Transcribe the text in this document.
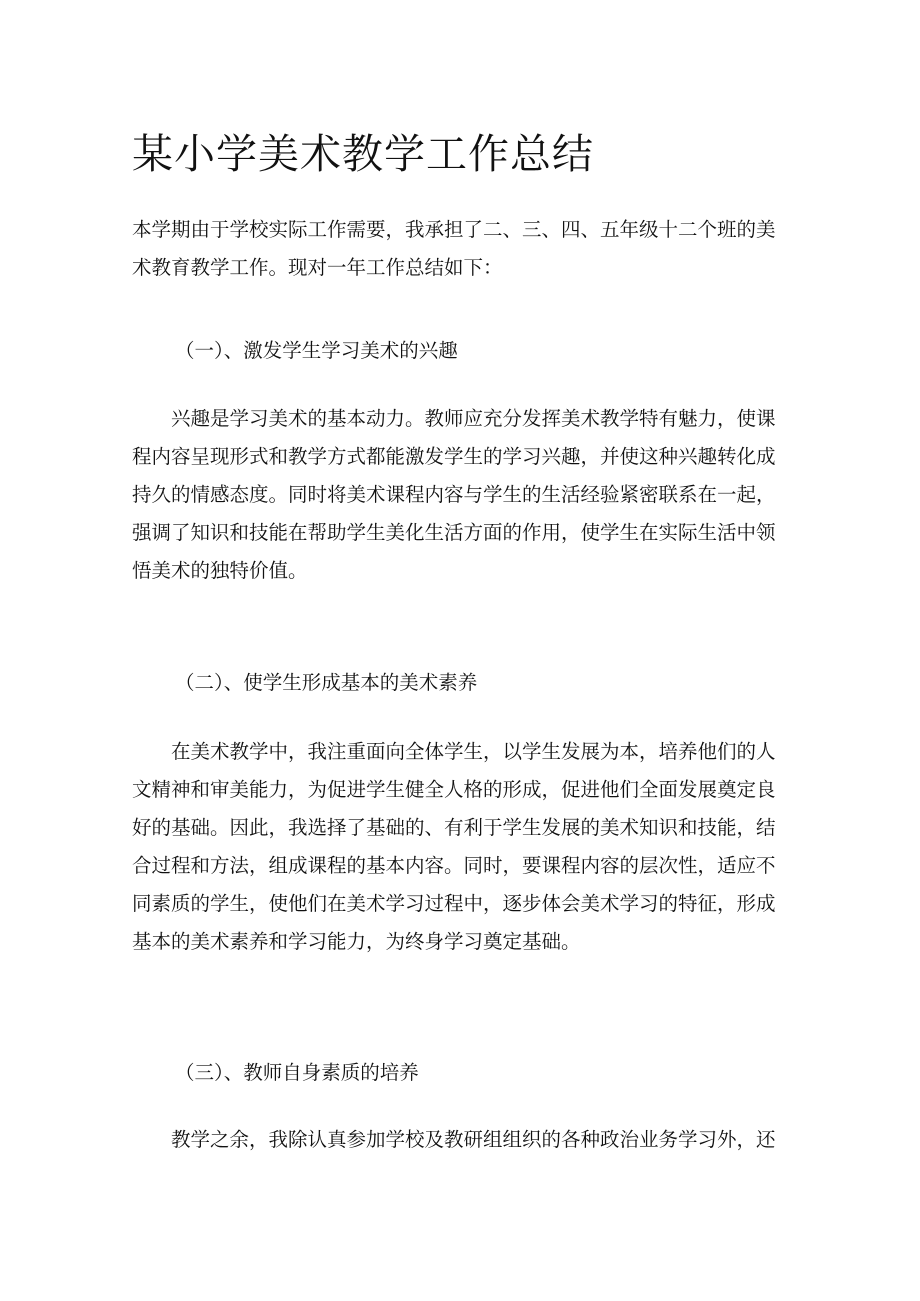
某小学美术教学工作总结

本学期由于学校实际工作需要，我承担了二、三、四、五年级十二个班的美
术教育教学工作。现对一年工作总结如下：

（一）、激发学生学习美术的兴趣

　　兴趣是学习美术的基本动力。教师应充分发挥美术教学特有魅力，使课
程内容呈现形式和教学方式都能激发学生的学习兴趣，并使这种兴趣转化成
持久的情感态度。同时将美术课程内容与学生的生活经验紧密联系在一起，
强调了知识和技能在帮助学生美化生活方面的作用，使学生在实际生活中领
悟美术的独特价值。

（二）、使学生形成基本的美术素养

　　在美术教学中，我注重面向全体学生，以学生发展为本，培养他们的人
文精神和审美能力，为促进学生健全人格的形成，促进他们全面发展奠定良
好的基础。因此，我选择了基础的、有利于学生发展的美术知识和技能，结
合过程和方法，组成课程的基本内容。同时，要课程内容的层次性，适应不
同素质的学生，使他们在美术学习过程中，逐步体会美术学习的特征，形成
基本的美术素养和学习能力，为终身学习奠定基础。

（三）、教师自身素质的培养

　　教学之余，我除认真参加学校及教研组组织的各种政治业务学习外，还
